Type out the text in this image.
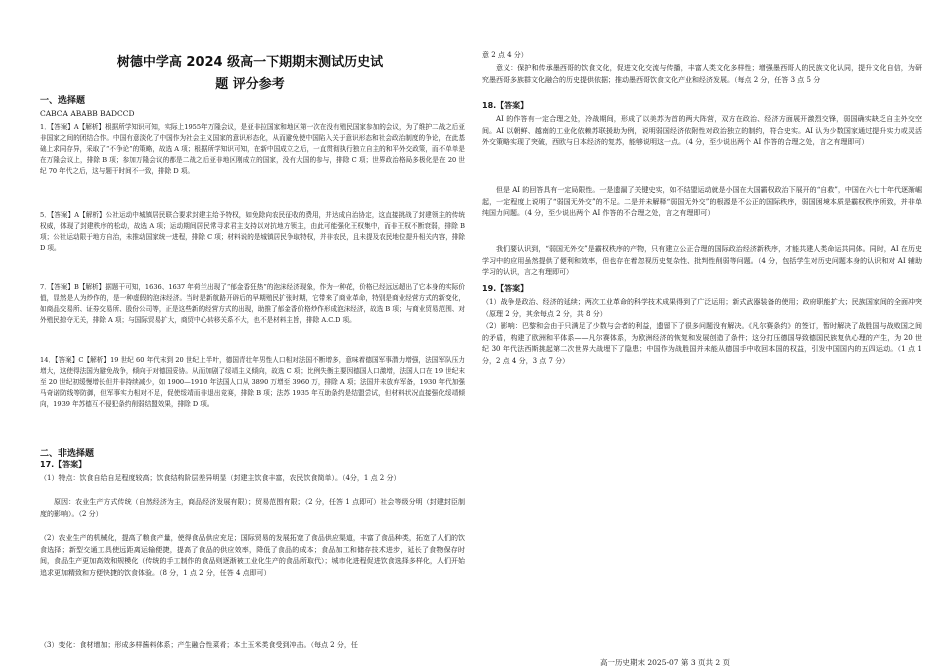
树德中学高 2024 级高一下期期末测试历史试
题 评分参考
一、选择题
CABCA ABABB BADCCD
1．【答案】A【解析】根据所学知识可知，实际上1955年万隆会议，是亚非拉国家和地区第一次在没有殖民国家参加的会议，为了维护二战之后亚非国家之间的团结合作。中国有意淡化了中国作为社会主义国家的意识形态化，从而避免使中国陷入关于意识形态和社会政治制度的争论，在此基础上求同存异，采取了“不争论”的策略，故选 A 项；根据所学知识可知，在新中国成立之后，一直贯彻执行独立自主的和平外交政策，而不单单是在万隆会议上，排除 B 项；参加万隆会议的都是二战之后亚非地区刚成立的国家，没有大国的参与，排除 C 项；世界政治格局多极化是在 20 世纪 70 年代之后，这与题干时间不一致，排除 D 项。
5．【答案】A【解析】公社运动中城镇居民联合要求封建主给予特权，如免除向农民征收的费用，并达成自治协定，这直接挑战了封建领主的传统权威，体现了封建秩序的松动，故选 A 项；运动期间居民常寻求君主支持以对抗地方领主，由此可能强化王权集中，而非王权不断衰弱，排除 B 项；公社运动限于地方自治，未推动国家统一进程，排除 C 项；材料说的是城镇居民争取特权，并非农民，且未提及农民地位提升相关内容，排除 D 项。
7．【答案】B【解析】据题干可知，1636、1637 年荷兰出现了“郁金香狂热”的泡沫经济现象，作为一种花，价格已经远远超出了它本身的实际价值，显然是人为炒作的，是一种虚假的泡沫经济。当时是新航路开辟后的早期殖民扩张时期，它带来了商业革命，特别是商业经营方式的新变化，如商品交易所、证券交易所、股份公司等，正是这些新的经营方式的出现，助推了郁金香价格炒作形成泡沫经济，故选 B 项；与商业贸易范围、对外殖民掠夺无关，排除 A 项；与国际贸易扩大，商贸中心转移关系不大，也不是材料主旨，排除 A.C.D 项。
14．【答案】C【解析】19 世纪 60 年代末到 20 世纪上半叶，德国青壮年男性人口相对法国不断增多，意味着德国军事潜力增强，法国军队压力增大，这使得法国为避免战争，倾向于对德国妥协。从而加剧了绥靖主义倾向，故选 C 项；比例失衡主要因德国人口激增，法国人口在 19 世纪末至 20 世纪初缓慢增长但并非持续减少，如 1900—1910 年法国人口从 3890 万增至 3960 万，排除 A 项；法国并未放弃军备，1930 年代加强马奇诺防线等防御，但军事实力相对不足，促使绥靖而非退出竞赛，排除 B 项；法苏 1935 年互助条约是结盟尝试，但材料状况直接强化绥靖倾向，1939 年苏德互不侵犯条约削弱结盟效果，排除 D 项。
二、非选择题
17.【答案】
（1）特点：饮食自给自足程度较高；饮食结构阶层差异明显（封建主饮食丰富，农民饮食简单）。（4分，1 点 2 分）
原因：农业生产方式传统（自然经济为主，商品经济发展有限）；贸易范围有限；（2 分，任答 1 点即可）社会等级分明（封建封臣制度的影响）。（2 分）
（2）农业生产的机械化，提高了粮食产量，使得食品供应充足；国际贸易的发展拓宽了食品供应渠道，丰富了食品种类，拓宽了人们的饮食选择；新型交通工具使远距离运输便捷，提高了食品的供应效率，降低了食品的成本；食品加工和储存技术进步，延长了食物保存时间，食品生产更加高效和规模化（传统的手工制作的食品则逐渐被工业化生产的食品所取代）；城市化进程促进饮食选择多样化，人们开始追求更加精致和方便快捷的饮食体验。（8 分，1 点 2 分，任答 4 点即可）
（3）变化：食材增加；形成多样酱料体系；产生融合性菜肴；本土玉米类食受到冲击。（每点 2 分，任
意 2 点 4 分）
意义：保护和传承墨西哥的饮食文化，促进文化交流与传播，丰富人类文化多样性；增强墨西哥人的民族文化认同，提升文化自信，为研究墨西哥多族群文化融合的历史提供依据；推动墨西哥饮食文化产业和经济发展。（每点 2 分，任答 3 点 5 分
18.【答案】
AI 的作答有一定合理之处，冷战期间，形成了以美苏为首的两大阵营，双方在政治、经济方面展开激烈交锋，弱国确实缺乏自主外交空间。AI 以朝鲜、越南的工业化依赖苏联援助为例，说明弱国经济依附性对政治独立的制约，符合史实。AI 认为少数国家通过提升实力或灵活外交策略实现了突破，西欧与日本经济的复苏，能够说明这一点。（4 分，至少说出两个 AI 作答的合理之处，言之有理即可）
但是 AI 的回答具有一定局限性。一是遗漏了关键史实，如不结盟运动就是小国在大国霸权政治下展开的“自救”，中国在六七十年代逐渐崛起，一定程度上说明了“弱国无外交”的不足。二是并未解释“弱国无外交”的根源是不公正的国际秩序，弱国困境本质是霸权秩序所致，并非单纯国力问题。（4 分，至少说出两个 AI 作答的不合理之处，言之有理即可）
我们要认识到，“弱国无外交”是霸权秩序的产物，只有建立公正合理的国际政治经济新秩序，才能共建人类命运共同体。同时，AI 在历史学习中的应用虽然提供了便利和效率，但也存在着忽视历史复杂性、批判性削弱等问题。（4 分，包括学生对历史问题本身的认识和对 AI 辅助学习的认识，言之有理即可）
19.【答案】
（1）战争是政治、经济的延续；两次工业革命的科学技术成果得到了广泛运用；新式武器装备的使用；政府职能扩大；民族国家间的全面冲突（原理 2 分，其余每点 2 分，共 8 分）
（2）影响：巴黎和会由于只满足了少数与会者的利益，遗留下了很多问题没有解决。《凡尔赛条约》的签订，暂时解决了战胜国与战败国之间的矛盾，构建了欧洲和平体系——凡尔赛体系，为欧洲经济的恢复和发展创造了条件；这分打压德国导致德国民族复仇心理的产生，为 20 世纪 30 年代法西斯挑起第二次世界大战埋下了隐患；中国作为战胜国并未能从德国手中收回本国的权益，引发中国国内的五四运动。（1 点 1 分，2 点 4 分，3 点 7 分）
高一历史期末 2025-07 第 3 页共 2 页
